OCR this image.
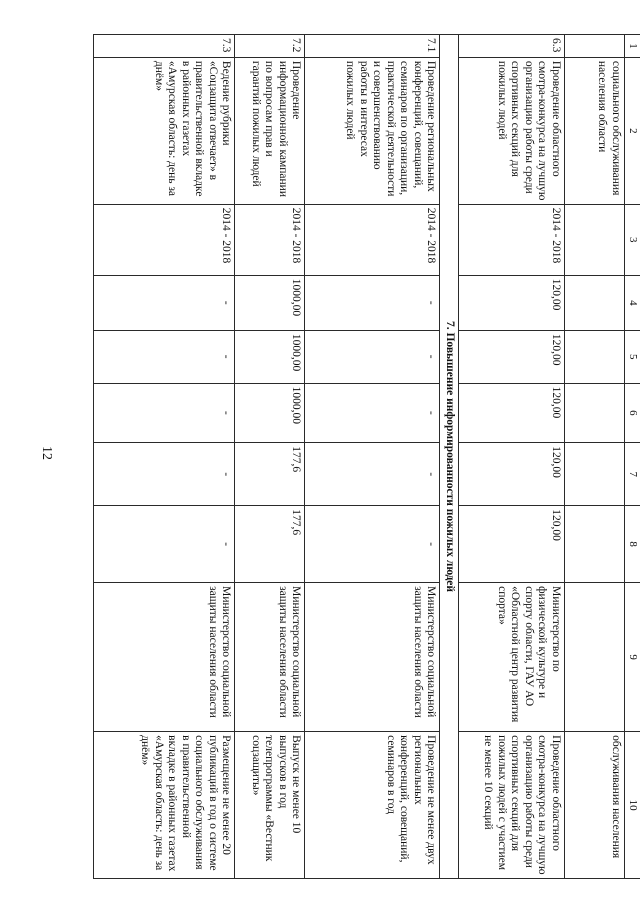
12
1	2	3	4	5	6	7	8	9	10
	социального обслуживания населения области								обслуживания населения
6.3	Проведение областного смотра-конкурса на лучшую организацию работы среди спортивных секций для пожилых людей	2014 - 2018	120,00	120,00	120,00	120,00	120,00	Министерство по физической культуре и спорту области, ГАУ АО «Областной центр развития спорта»	Проведение областного смотра-конкурса на лучшую организацию работы среди спортивных секций для пожилых людей с участием не менее 10 секций
7. Повышение информированности пожилых людей									
7.1	Проведение региональных конференций, совещаний, семинаров по организации, практической деятельности и совершенствованию работы в интересах пожилых людей	2014 - 2018	-	-	-	-	-	Министерство социальной защиты населения области	Проведение не менее двух региональных конференций, совещаний, семинаров в год
7.2	Проведение информационной кампании по вопросам прав и гарантий пожилых людей	2014 - 2018	1000,00	1000,00	1000,00	177,6	177,6	Министерство социальной защиты населения области	Выпуск не менее 10 выпусков в год телепрограммы «Вестник соцзащиты»
7.3	Ведение рубрики «Соцзащита отвечает» в правительственной вкладке в районных газетах «Амурская область: день за днём»	2014 - 2018	-	-	-	-	-	Министерство социальной защиты населения области	Размещение не менее 20 публикаций в год о системе социального обслуживания в правительственной вкладке в районных газетах «Амурская область: день за днём»
